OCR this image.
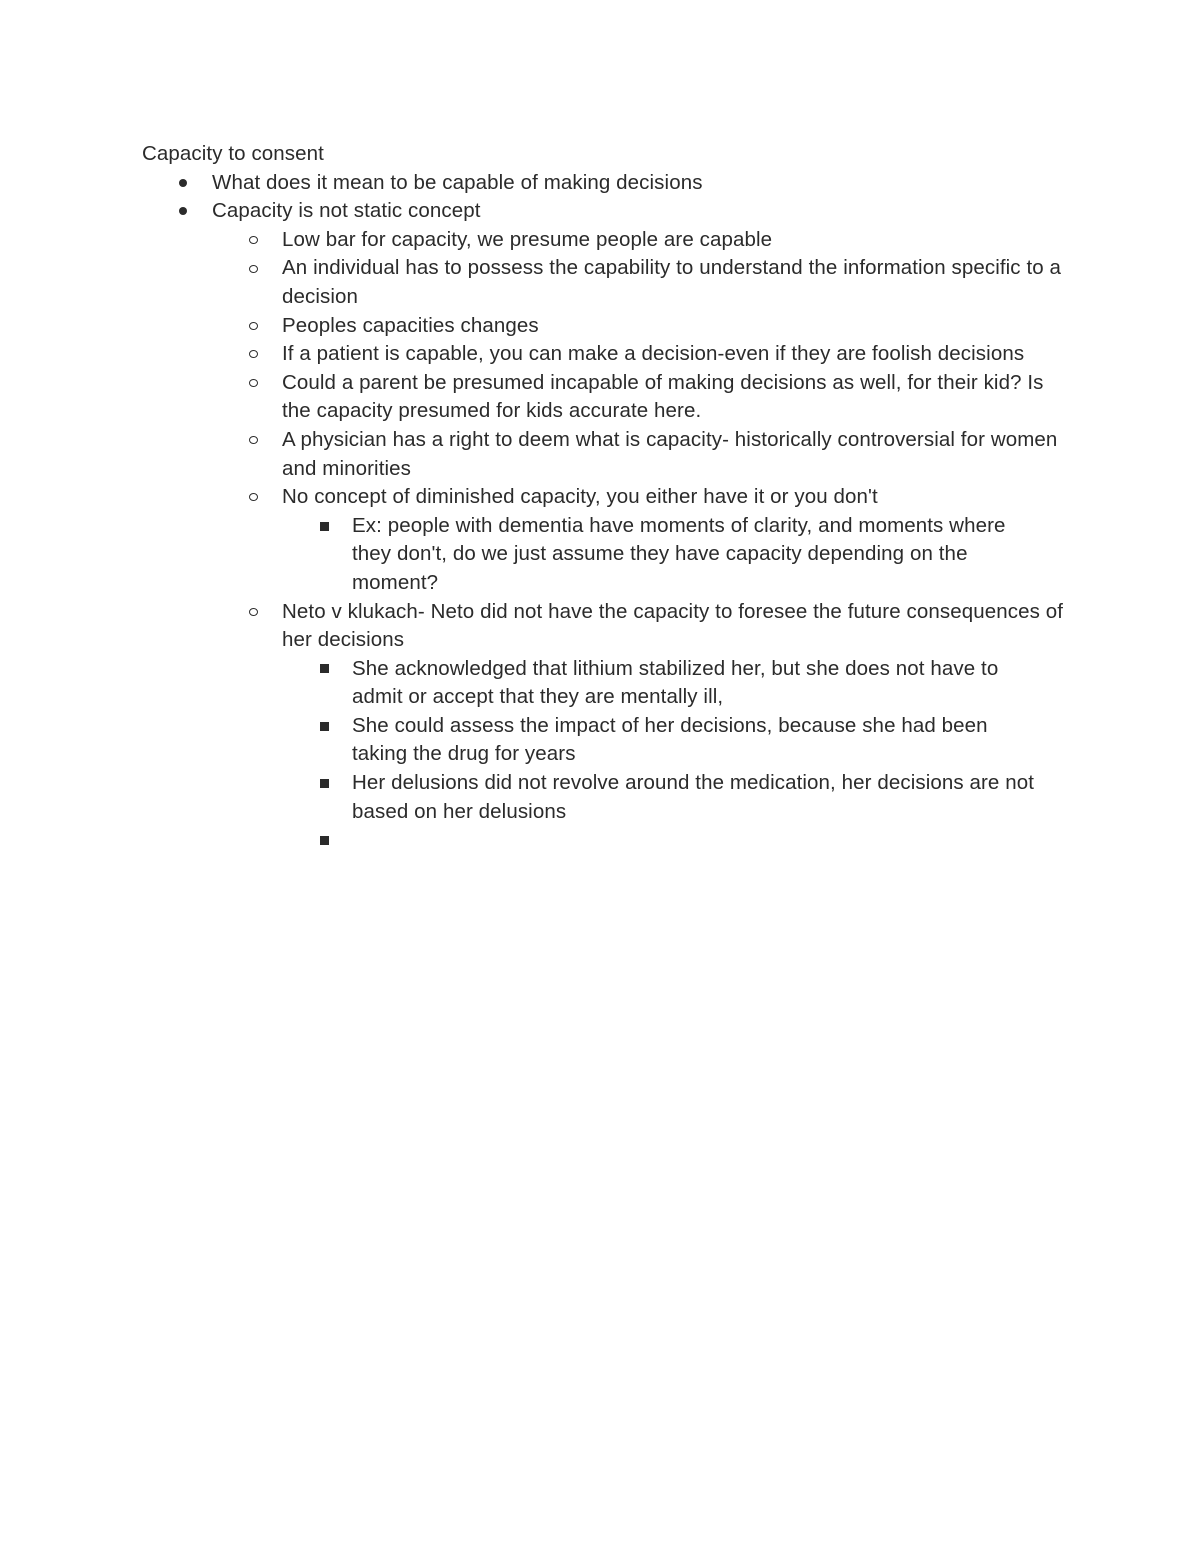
Capacity to consent

What does it mean to be capable of making decisions
Capacity is not static concept
Low bar for capacity, we presume people are capable
An individual has to possess the capability to understand the information specific to a decision
Peoples capacities changes
If a patient is capable, you can make a decision-even if they are foolish decisions
Could a parent be presumed incapable of making decisions as well, for their kid? Is the capacity presumed for kids accurate here.
A physician has a right to deem what is capacity- historically controversial for women and minorities
No concept of diminished capacity, you either have it or you don't
Ex: people with dementia have moments of clarity, and moments where they don't, do we just assume they have capacity depending on the moment?
Neto v klukach- Neto did not have the capacity to foresee the future consequences of her decisions
She acknowledged that lithium stabilized her, but she does not have to admit or accept that they are mentally ill,
She could assess the impact of her decisions, because she had been taking the drug for years
Her delusions did not revolve around the medication, her decisions are not based on her delusions
